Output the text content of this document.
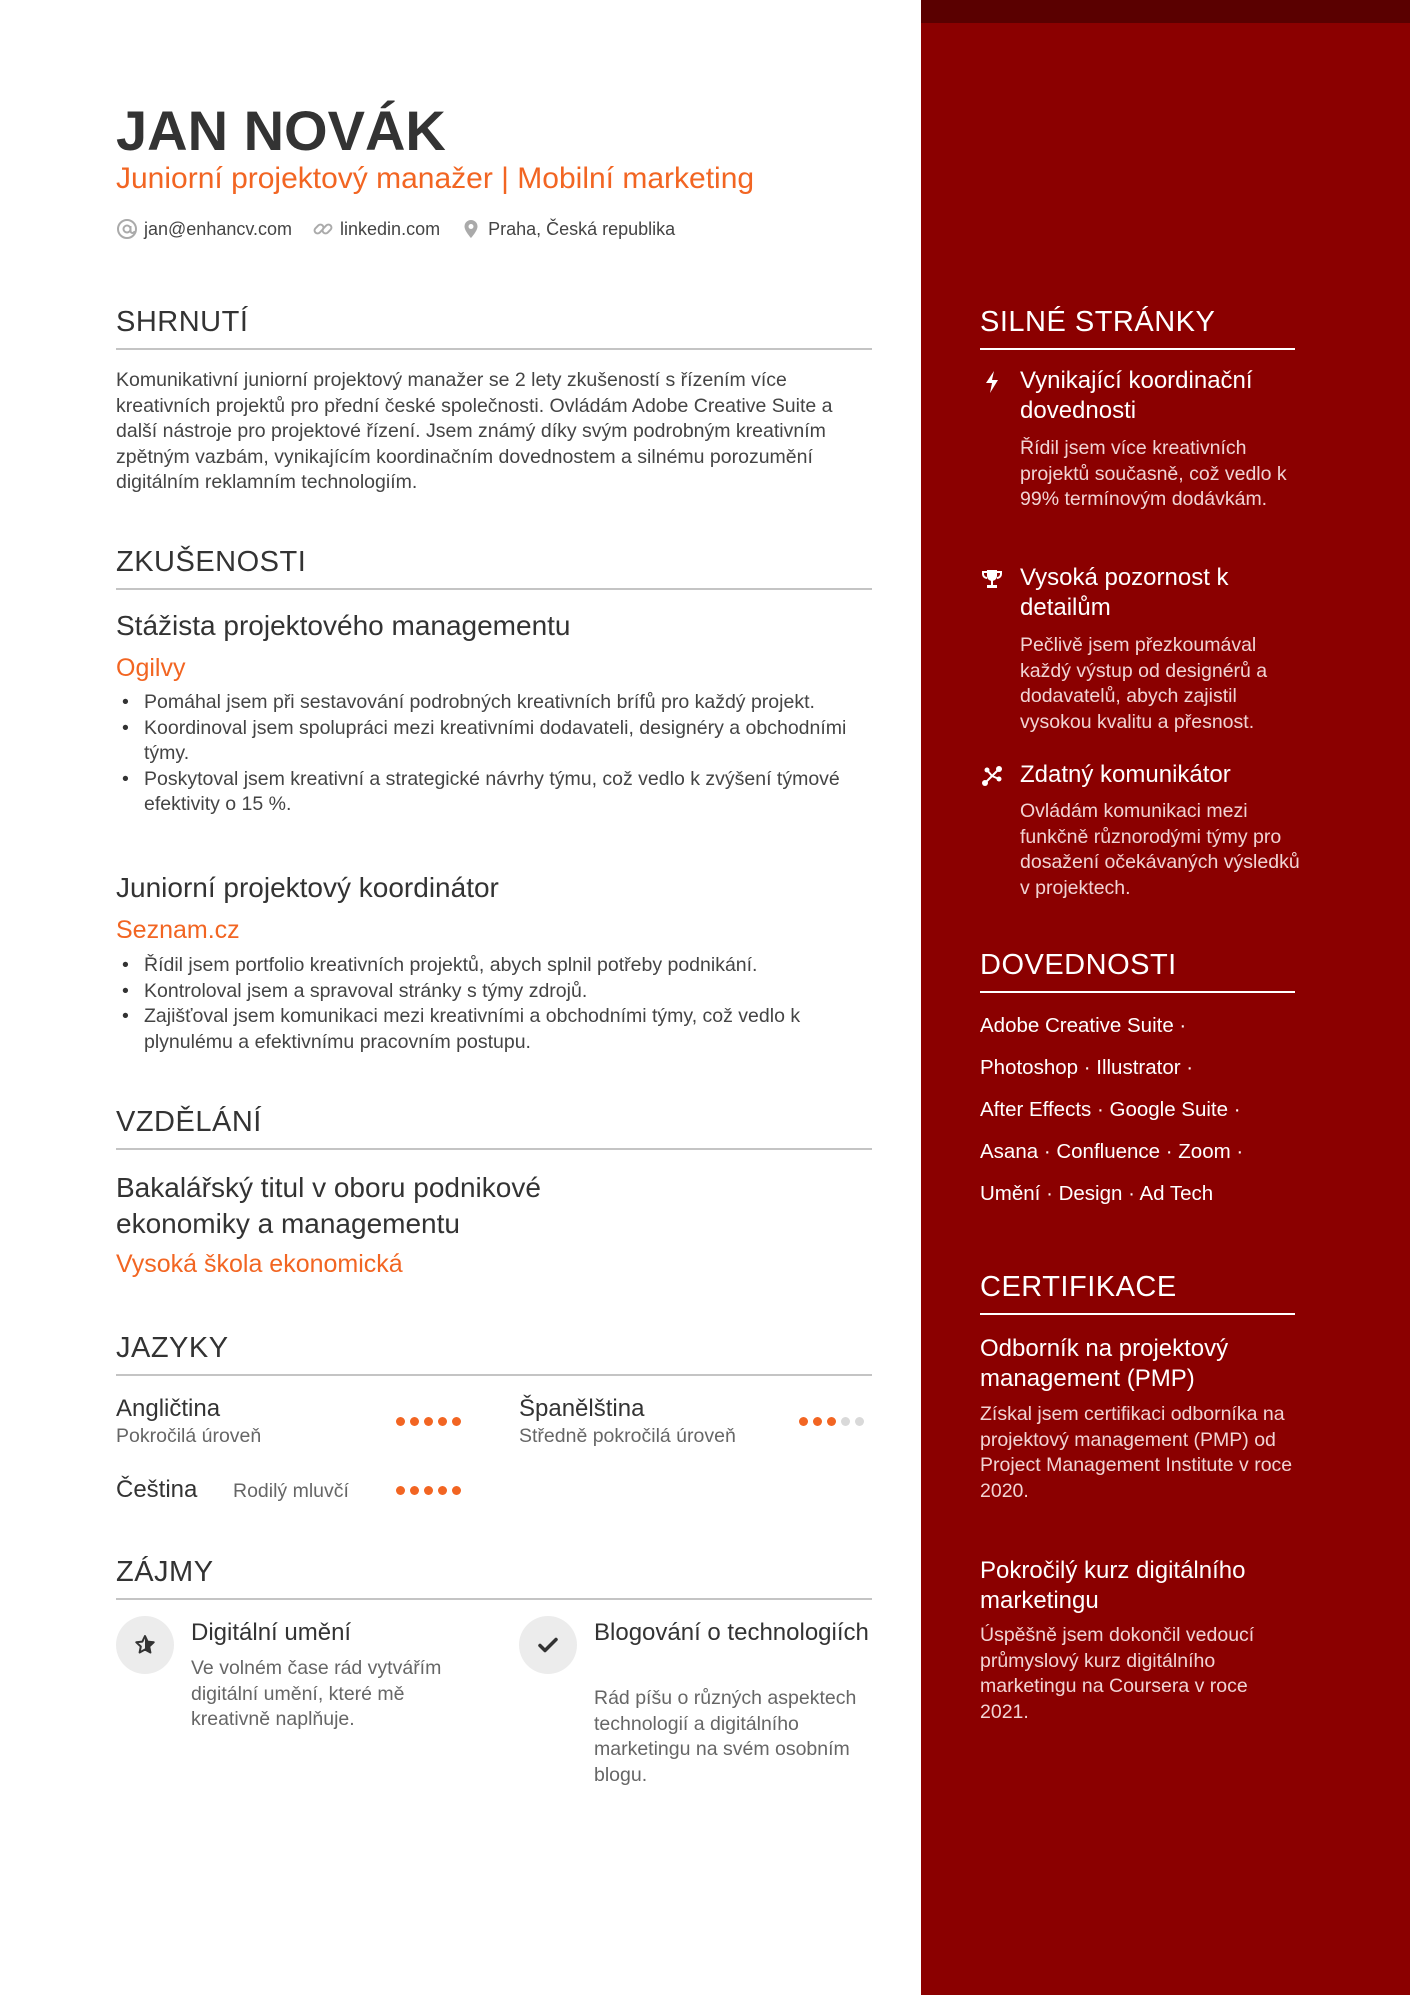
JAN NOVÁK
Juniorní projektový manažer | Mobilní marketing
jan@enhancv.com	linkedin.com	Praha, Česká republika
SHRNUTÍ
Komunikativní juniorní projektový manažer se 2 lety zkušeností s řízením více kreativních projektů pro přední české společnosti. Ovládám Adobe Creative Suite a další nástroje pro projektové řízení. Jsem známý díky svým podrobným kreativním zpětným vazbám, vynikajícím koordinačním dovednostem a silnému porozumění digitálním reklamním technologiím.
ZKUŠENOSTI
Stážista projektového managementu
Ogilvy
• Pomáhal jsem při sestavování podrobných kreativních brífů pro každý projekt.
• Koordinoval jsem spolupráci mezi kreativními dodavateli, designéry a obchodními týmy.
• Poskytoval jsem kreativní a strategické návrhy týmu, což vedlo k zvýšení týmové efektivity o 15 %.
Juniorní projektový koordinátor
Seznam.cz
• Řídil jsem portfolio kreativních projektů, abych splnil potřeby podnikání.
• Kontroloval jsem a spravoval stránky s týmy zdrojů.
• Zajišťoval jsem komunikaci mezi kreativními a obchodními týmy, což vedlo k plynulému a efektivnímu pracovním postupu.
VZDĚLÁNÍ
Bakalářský titul v oboru podnikové ekonomiky a managementu
Vysoká škola ekonomická
JAZYKY
Angličtina
Pokročilá úroveň
Španělština
Středně pokročilá úroveň
Čeština Rodilý mluvčí
ZÁJMY
Digitální umění
Ve volném čase rád vytvářím digitální umění, které mě kreativně naplňuje.
Blogování o technologiích
Rád píšu o různých aspektech technologií a digitálního marketingu na svém osobním blogu.
SILNÉ STRÁNKY
Vynikající koordinační dovednosti
Řídil jsem více kreativních projektů současně, což vedlo k 99% termínovým dodávkám.
Vysoká pozornost k detailům
Pečlivě jsem přezkoumával každý výstup od designérů a dodavatelů, abych zajistil vysokou kvalitu a přesnost.
Zdatný komunikátor
Ovládám komunikaci mezi funkčně různorodými týmy pro dosažení očekávaných výsledků v projektech.
DOVEDNOSTI
Adobe Creative Suite ·
Photoshop · Illustrator ·
After Effects · Google Suite ·
Asana · Confluence · Zoom ·
Umění · Design · Ad Tech
CERTIFIKACE
Odborník na projektový management (PMP)
Získal jsem certifikaci odborníka na projektový management (PMP) od Project Management Institute v roce 2020.
Pokročilý kurz digitálního marketingu
Úspěšně jsem dokončil vedoucí průmyslový kurz digitálního marketingu na Coursera v roce 2021.
